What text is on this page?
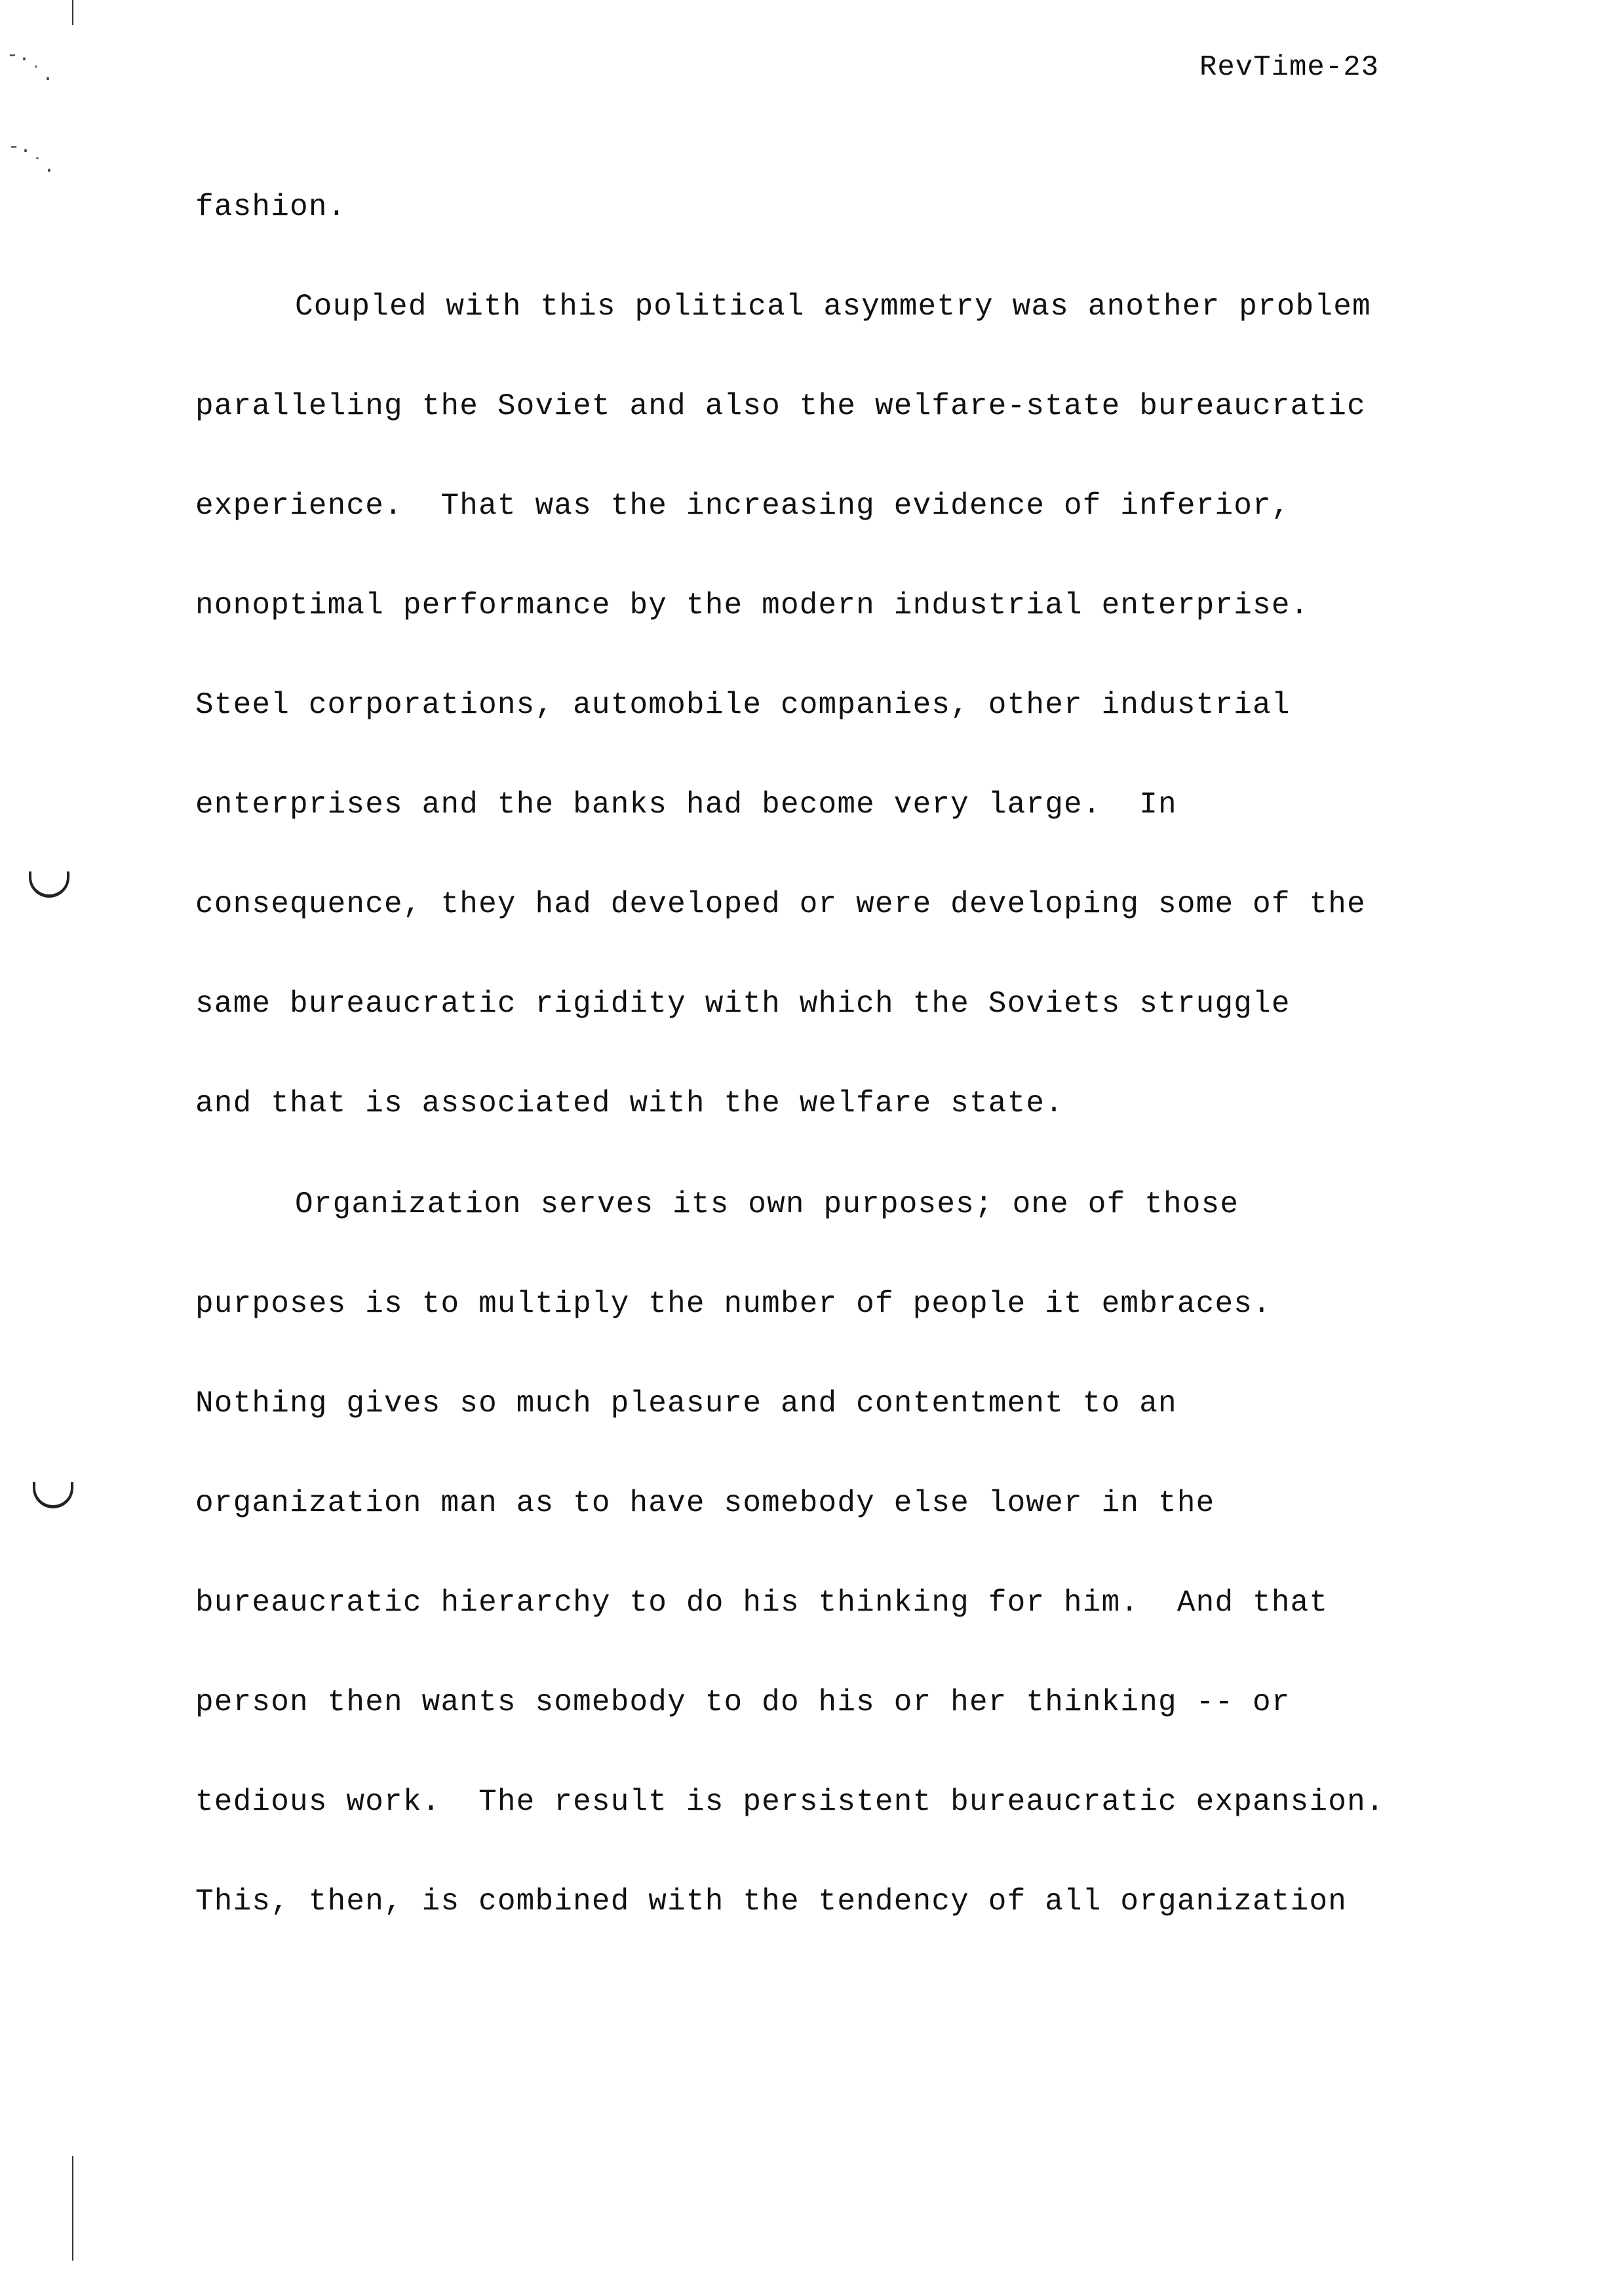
-.
˙.
-.
˙.
RevTime-23
fashion.
Coupled with this political asymmetry was another problem
paralleling the Soviet and also the welfare-state bureaucratic
experience.  That was the increasing evidence of inferior,
nonoptimal performance by the modern industrial enterprise.
Steel corporations, automobile companies, other industrial
enterprises and the banks had become very large.  In
consequence, they had developed or were developing some of the
same bureaucratic rigidity with which the Soviets struggle
and that is associated with the welfare state.
Organization serves its own purposes; one of those
purposes is to multiply the number of people it embraces.
Nothing gives so much pleasure and contentment to an
organization man as to have somebody else lower in the
bureaucratic hierarchy to do his thinking for him.  And that
person then wants somebody to do his or her thinking -- or
tedious work.  The result is persistent bureaucratic expansion.
This, then, is combined with the tendency of all organization
